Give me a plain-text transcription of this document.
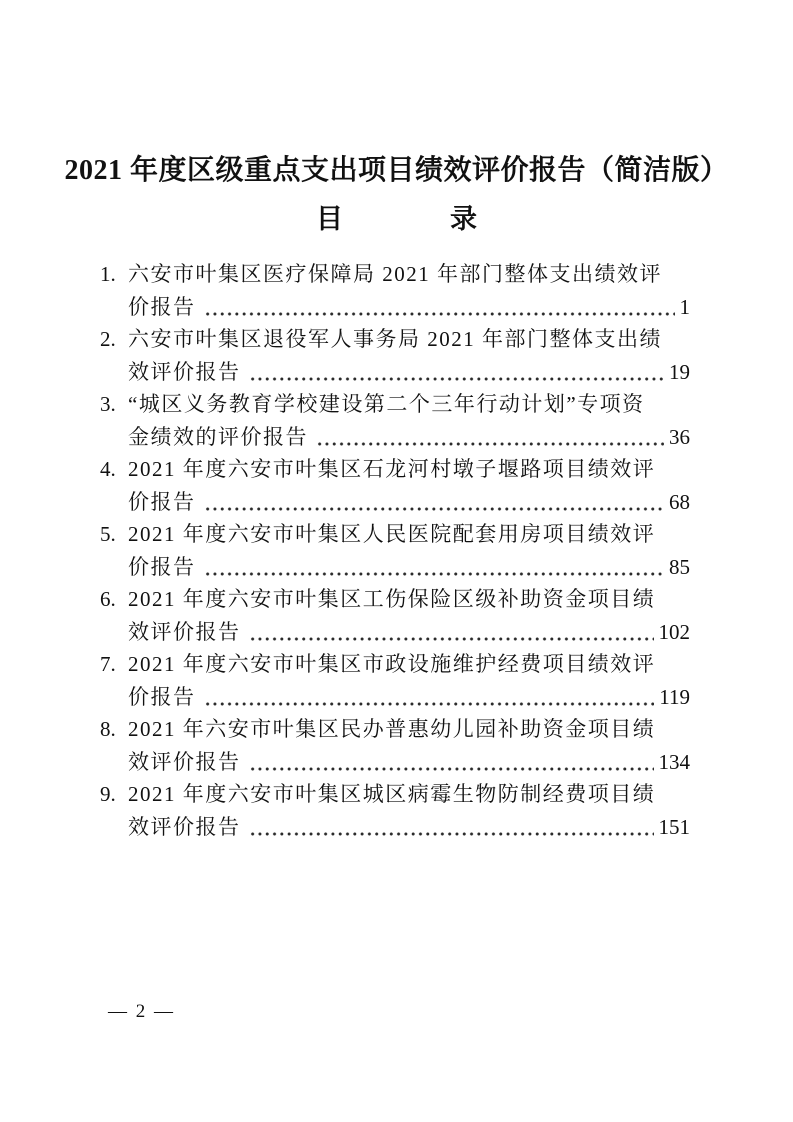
2021 年度区级重点支出项目绩效评价报告（简洁版）
目	录
1. 六安市叶集区医疗保障局 2021 年部门整体支出绩效评
价报告	1
2. 六安市叶集区退役军人事务局 2021 年部门整体支出绩
效评价报告	19
3. “城区义务教育学校建设第二个三年行动计划”专项资
金绩效的评价报告	36
4. 2021 年度六安市叶集区石龙河村墩子堰路项目绩效评
价报告	68
5. 2021 年度六安市叶集区人民医院配套用房项目绩效评
价报告	85
6. 2021 年度六安市叶集区工伤保险区级补助资金项目绩
效评价报告	102
7. 2021 年度六安市叶集区市政设施维护经费项目绩效评
价报告	119
8. 2021 年六安市叶集区民办普惠幼儿园补助资金项目绩
效评价报告	134
9. 2021 年度六安市叶集区城区病霉生物防制经费项目绩
效评价报告	151
— 2 —
